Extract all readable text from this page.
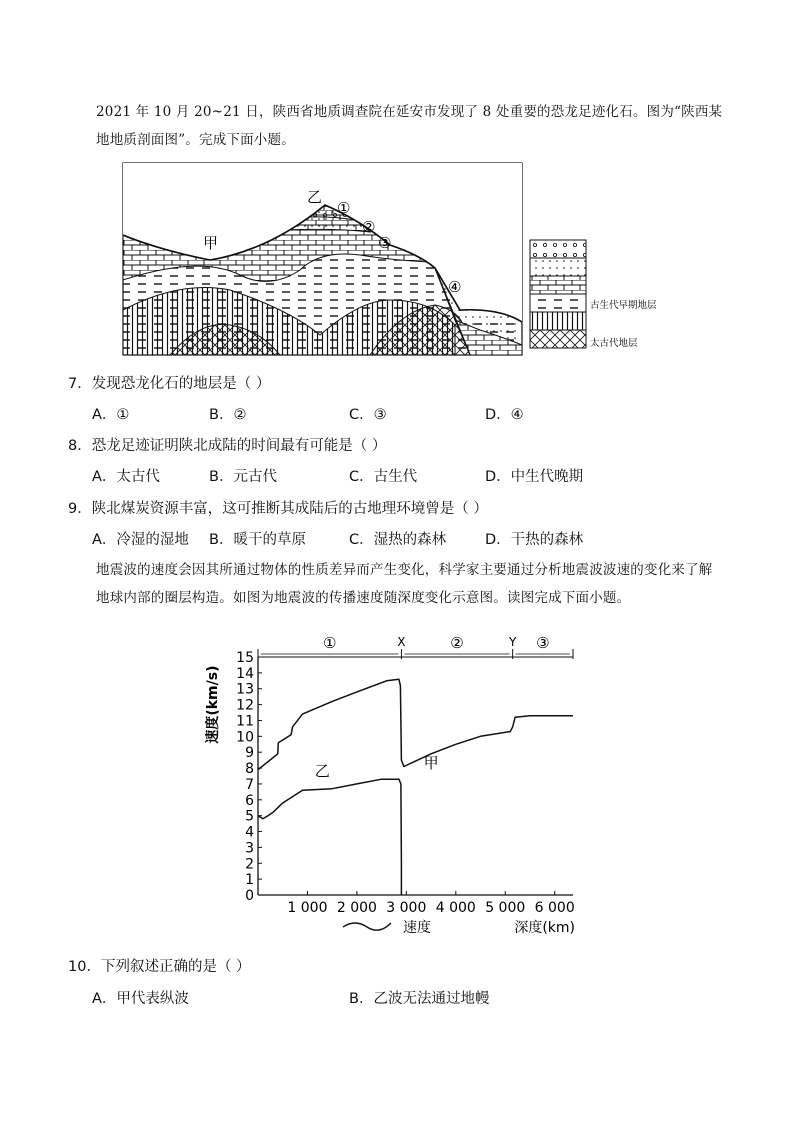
2021 年 10 月 20~21 日，陕西省地质调查院在延安市发现了 8 处重要的恐龙足迹化石。图为“陕西某地地质剖面图”。完成下面小题。
甲
乙
①
②
③
④
古生代早期地层
太古代地层
7．发现恐龙化石的地层是（ ）
A．①	B．②	C．③	D．④
8．恐龙足迹证明陕北成陆的时间最有可能是（ ）
A．太古代	B．元古代	C．古生代	D．中生代晚期
9．陕北煤炭资源丰富，这可推断其成陆后的古地理环境曾是（ ）
A．冷湿的湿地 B．暖干的草原	C．湿热的森林	D．干热的森林
地震波的速度会因其所通过物体的性质差异而产生变化，科学家主要通过分析地震波波速的变化来了解地球内部的圈层构造。如图为地震波的传播速度随深度变化示意图。读图完成下面小题。
①	②	③
X	Y
0
1
2
3
4
5
6
7
8
9
10
11
12
13
14
15
1 000 2 000 3 000 4 000 5 000 6 000
速度(km/s)
深度(km)
速度
甲
乙
10．下列叙述正确的是（ ）
A．甲代表纵波	B．乙波无法通过地幔
